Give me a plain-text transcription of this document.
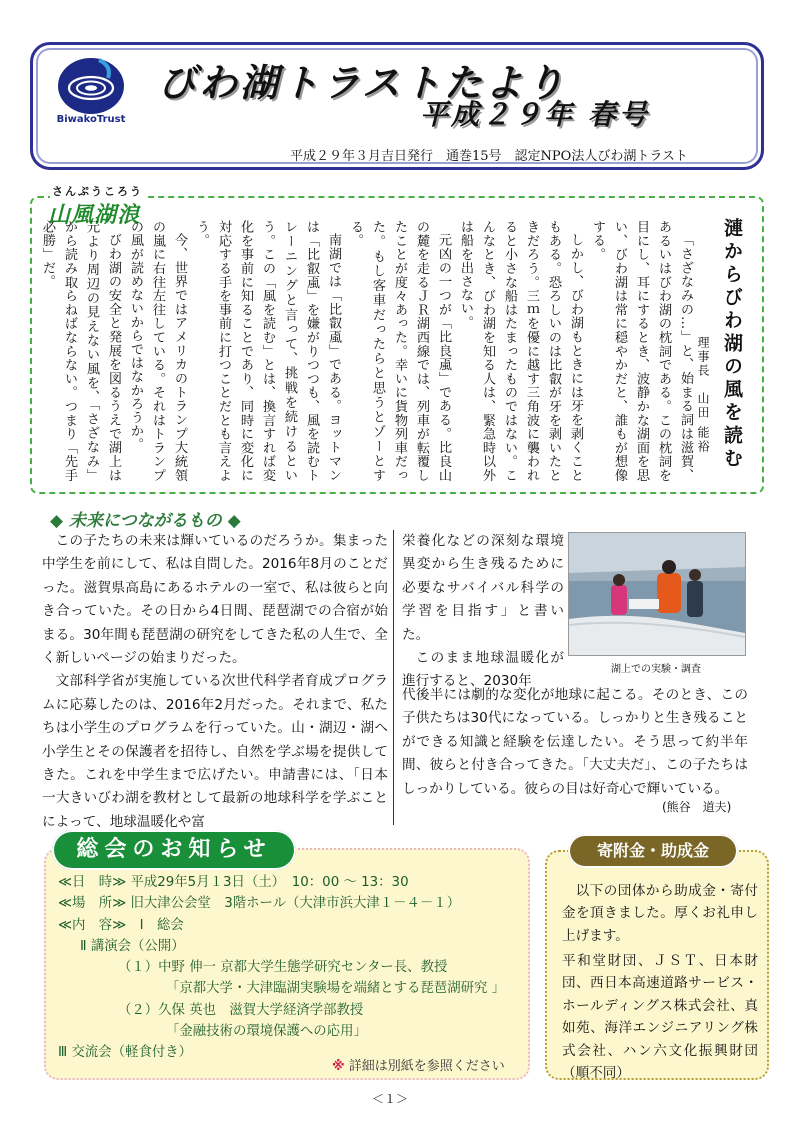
BiwakoTrust
びわ湖トラストたより
平成２９年 春号
平成２９年３月吉日発行　通巻15号　認定NPO法人びわ湖トラスト
さんぷうころう
山風湖浪
漣からびわ湖の風を読む
理事長　山田 能裕

「さざなみの…」と、始まる詞は滋賀、あるいはびわ湖の枕詞である。この枕詞を目にし、耳にするとき、波静かな湖面を思い、びわ湖は常に穏やかだと、誰もが想像する。

しかし、びわ湖もときには牙を剥くこともある。恐ろしいのは比叡が牙を剥いたときだろう。三ｍを優に越す三角波に襲われると小さな船はたまったものではない。こんなとき、びわ湖を知る人は、緊急時以外は船を出さない。

元凶の一つが「比良颪」である。比良山の麓を走るＪＲ湖西線では、列車が転覆したことが度々あった。幸いに貨物列車だった。もし客車だったらと思うとゾーとする。

南湖では「比叡颪」である。ヨットマンは「比叡颪」を嫌がりつつも、風を読むトレーニングと言って、挑戦を続けるという。この「風を読む」とは、換言すれば変化を事前に知ることであり、同時に変化に対応する手を事前に打つことだとも言えよう。

今、世界ではアメリカのトランプ大統領の嵐に右往左往している。それはトランプの風が読めないからではなかろうか。

びわ湖の安全と発展を図るうえで湖上は元より周辺の見えない風を、「さざなみ」から読み取らねばならない。つまり「先手必勝」だ。

◆ 未来につながるもの ◆

この子たちの未来は輝いているのだろうか。集まった中学生を前にして、私は自問した。2016年8月のことだった。滋賀県高島にあるホテルの一室で、私は彼らと向き合っていた。その日から4日間、琵琶湖での合宿が始まる。30年間も琵琶湖の研究をしてきた私の人生で、全く新しいページの始まりだった。

文部科学省が実施している次世代科学者育成プログラムに応募したのは、2016年2月だった。それまで、私たちは小学生のプログラムを行っていた。山・湖辺・湖へ小学生とその保護者を招待し、自然を学ぶ場を提供してきた。これを中学生まで広げたい。申請書には、「日本一大きいびわ湖を教材として最新の地球科学を学ぶことによって、地球温暖化や富

栄養化などの深刻な環境異変から生き残るために必要なサバイバル科学の学習を目指す」と書いた。

このまま地球温暖化が進行すると、2030年

湖上での実験・調査

代後半には劇的な変化が地球に起こる。そのとき、この子供たちは30代になっている。しっかりと生き残ることができる知識と経験を伝達したい。そう思って約半年間、彼らと付き合ってきた。「大丈夫だ」、この子たちはしっかりしている。彼らの目は好奇心で輝いている。

(熊谷　道夫)
総会のお知らせ
≪日　時≫ 平成29年5月１3日（土）　10：00 ～ 13：30
≪場　所≫ 旧大津公会堂　3階ホール（大津市浜大津１－４－１）
≪内　容≫　Ⅰ　総会
Ⅱ 講演会（公開）
（１）中野 伸一 京都大学生態学研究センター長、教授
「京都大学・大津臨湖実験場を端緒とする琵琶湖研究 」
（２）久保 英也　滋賀大学経済学部教授
「金融技術の環境保護への応用」
Ⅲ 交流会（軽食付き）
※ 詳細は別紙を参照ください
寄附金・助成金

以下の団体から助成金・寄付金を頂きました。厚くお礼申し上げます。

平和堂財団、ＪＳＴ、日本財団、西日本高速道路サービス・ホールディングス株式会社、真如苑、海洋エンジニアリング株式会社、ハン六文化振興財団（順不同）
＜１＞
